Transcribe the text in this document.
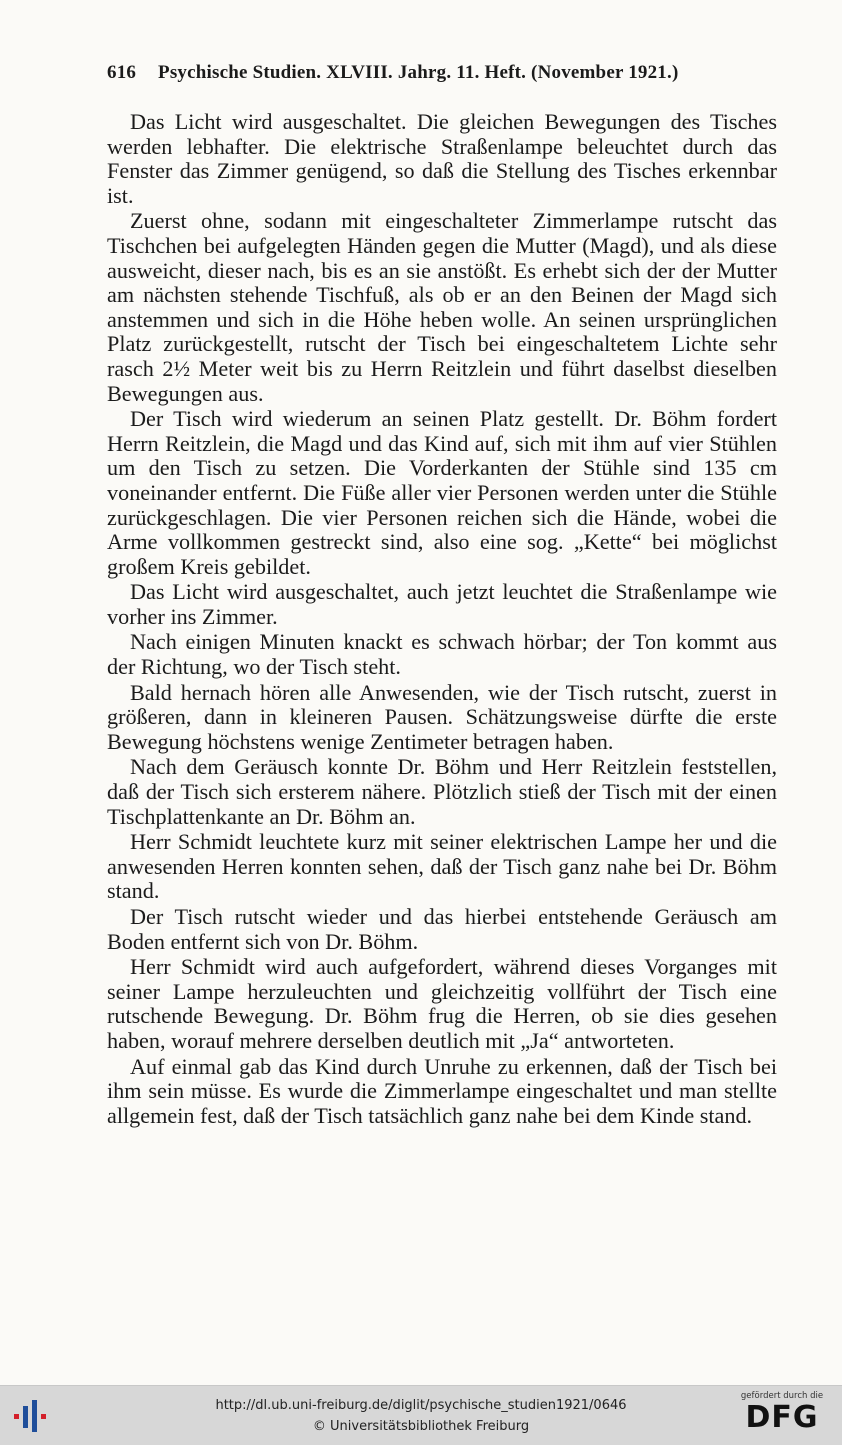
616 Psychische Studien. XLVIII. Jahrg. 11. Heft. (November 1921.)

Das Licht wird ausgeschaltet. Die gleichen Bewegungen des Tisches werden lebhafter. Die elektrische Straßenlampe beleuchtet durch das Fenster das Zimmer genügend, so daß die Stellung des Tisches erkennbar ist.

Zuerst ohne, sodann mit eingeschalteter Zimmerlampe rutscht das Tischchen bei aufgelegten Händen gegen die Mutter (Magd), und als diese ausweicht, dieser nach, bis es an sie anstößt. Es erhebt sich der der Mutter am nächsten stehende Tischfuß, als ob er an den Beinen der Magd sich anstemmen und sich in die Höhe heben wolle. An seinen ursprünglichen Platz zurückgestellt, rutscht der Tisch bei eingeschaltetem Lichte sehr rasch 2½ Meter weit bis zu Herrn Reitzlein und führt daselbst dieselben Bewegungen aus.

Der Tisch wird wiederum an seinen Platz gestellt. Dr. Böhm fordert Herrn Reitzlein, die Magd und das Kind auf, sich mit ihm auf vier Stühlen um den Tisch zu setzen. Die Vorderkanten der Stühle sind 135 cm voneinander entfernt. Die Füße aller vier Personen werden unter die Stühle zurückgeschlagen. Die vier Personen reichen sich die Hände, wobei die Arme vollkommen gestreckt sind, also eine sog. „Kette“ bei möglichst großem Kreis gebildet.

Das Licht wird ausgeschaltet, auch jetzt leuchtet die Straßenlampe wie vorher ins Zimmer.

Nach einigen Minuten knackt es schwach hörbar; der Ton kommt aus der Richtung, wo der Tisch steht.

Bald hernach hören alle Anwesenden, wie der Tisch rutscht, zuerst in größeren, dann in kleineren Pausen. Schätzungsweise dürfte die erste Bewegung höchstens wenige Zentimeter betragen haben.

Nach dem Geräusch konnte Dr. Böhm und Herr Reitzlein feststellen, daß der Tisch sich ersterem nähere. Plötzlich stieß der Tisch mit der einen Tischplattenkante an Dr. Böhm an.

Herr Schmidt leuchtete kurz mit seiner elektrischen Lampe her und die anwesenden Herren konnten sehen, daß der Tisch ganz nahe bei Dr. Böhm stand.

Der Tisch rutscht wieder und das hierbei entstehende Geräusch am Boden entfernt sich von Dr. Böhm.

Herr Schmidt wird auch aufgefordert, während dieses Vorganges mit seiner Lampe herzuleuchten und gleichzeitig vollführt der Tisch eine rutschende Bewegung. Dr. Böhm frug die Herren, ob sie dies gesehen haben, worauf mehrere derselben deutlich mit „Ja“ antworteten.

Auf einmal gab das Kind durch Unruhe zu erkennen, daß der Tisch bei ihm sein müsse. Es wurde die Zimmerlampe eingeschaltet und man stellte allgemein fest, daß der Tisch tatsächlich ganz nahe bei dem Kinde stand.

http://dl.ub.uni-freiburg.de/diglit/psychische_studien1921/0646
© Universitätsbibliothek Freiburg
gefördert durch die
DFG
